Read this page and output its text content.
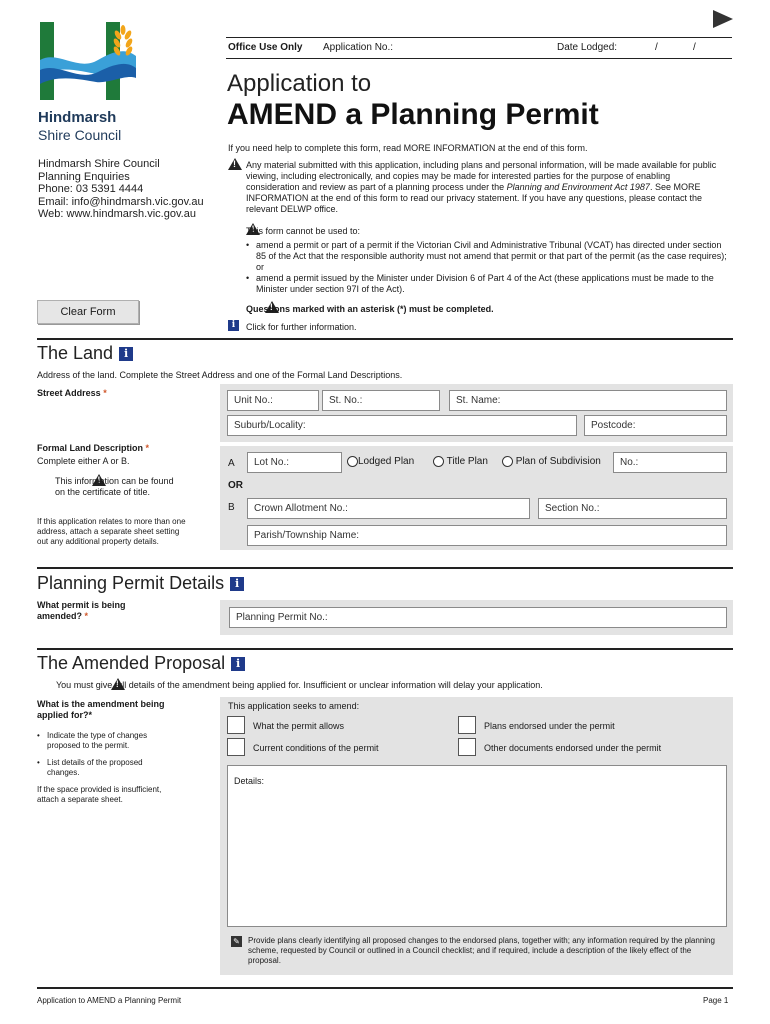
Hindmarsh
Shire Council
Office Use Only Application No.:	Date Lodged:	/	/
Application to
AMEND a Planning Permit
If you need help to complete this form, read MORE INFORMATION at the end of this form.
Hindmarsh Shire Council
Planning Enquiries
Phone: 03 5391 4444
Email: info@hindmarsh.vic.gov.au
Web: www.hindmarsh.vic.gov.au
!
Any material submitted with this application, including plans and personal information, will be made available for public viewing, including electronically, and copies may be made for interested parties for the purpose of enabling consideration and review as part of a planning process under the Planning and Environment Act 1987. See MORE INFORMATION at the end of this form to read our privacy statement. If you have any questions, please contact the relevant DELWP office.
!
This form cannot be used to:
• amend a permit or part of a permit if the Victorian Civil and Administrative Tribunal (VCAT) has directed under section 85 of the Act that the responsible authority must not amend that permit or that part of the permit (as the case requires); or
• amend a permit issued by the Minister under Division 6 of Part 4 of the Act (these applications must be made to the Minister under section 97I of the Act).
Clear Form
!	Questions marked with an asterisk (*) must be completed.
i	Click for further information.
The Land i
Address of the land. Complete the Street Address and one of the Formal Land Descriptions.
Street Address *
Unit No.:	St. No.:	St. Name:
Suburb/Locality:	Postcode:
Formal Land Description *
Complete either A or B.
!
This information can be found on the certificate of title.
If this application relates to more than one address, attach a separate sheet setting out any additional property details.
A	Lot No.:	Lodged Plan	Title Plan	Plan of Subdivision	No.:
OR
B	Crown Allotment No.:	Section No.:
Parish/Township Name:
Planning Permit Details i
What permit is being amended? *	Planning Permit No.:
The Amended Proposal i
!
You must give full details of the amendment being applied for. Insufficient or unclear information will delay your application.
What is the amendment being applied for?*
• Indicate the type of changes proposed to the permit.
• List details of the proposed changes.
If the space provided is insufficient, attach a separate sheet.
This application seeks to amend:
What the permit allows	Plans endorsed under the permit
Current conditions of the permit	Other documents endorsed under the permit
Details:
✎ Provide plans clearly identifying all proposed changes to the endorsed plans, together with; any information required by the planning scheme, requested by Council or outlined in a Council checklist; and if required, include a description of the likely effect of the proposal.
Application to AMEND a Planning Permit	Page 1
